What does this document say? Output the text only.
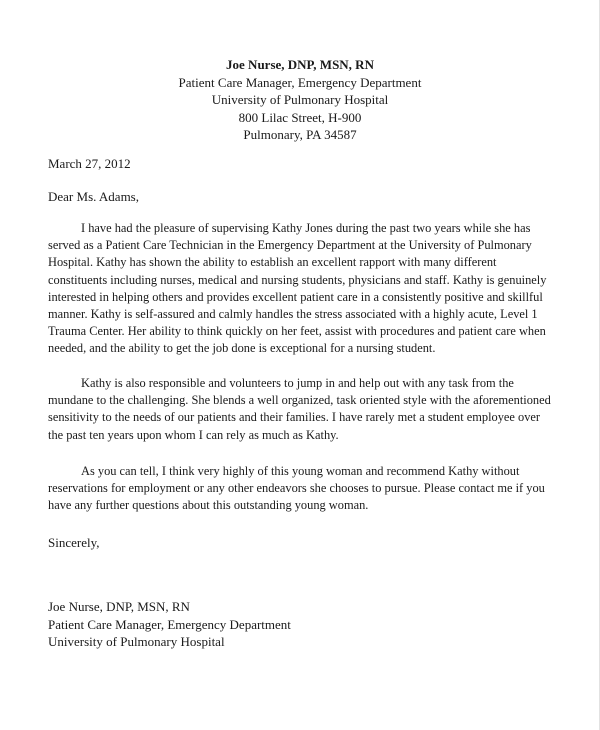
Joe Nurse, DNP, MSN, RN
Patient Care Manager, Emergency Department
University of Pulmonary Hospital
800 Lilac Street, H-900
Pulmonary, PA 34587
March 27, 2012
Dear Ms. Adams,
I have had the pleasure of supervising Kathy Jones during the past two years while she has served as a Patient Care Technician in the Emergency Department at the University of Pulmonary Hospital. Kathy has shown the ability to establish an excellent rapport with many different constituents including nurses, medical and nursing students, physicians and staff. Kathy is genuinely interested in helping others and provides excellent patient care in a consistently positive and skillful manner. Kathy is self-assured and calmly handles the stress associated with a highly acute, Level 1 Trauma Center. Her ability to think quickly on her feet, assist with procedures and patient care when needed, and the ability to get the job done is exceptional for a nursing student.
Kathy is also responsible and volunteers to jump in and help out with any task from the mundane to the challenging. She blends a well organized, task oriented style with the aforementioned sensitivity to the needs of our patients and their families. I have rarely met a student employee over the past ten years upon whom I can rely as much as Kathy.
As you can tell, I think very highly of this young woman and recommend Kathy without reservations for employment or any other endeavors she chooses to pursue. Please contact me if you have any further questions about this outstanding young woman.
Sincerely,
Joe Nurse, DNP, MSN, RN
Patient Care Manager, Emergency Department
University of Pulmonary Hospital
